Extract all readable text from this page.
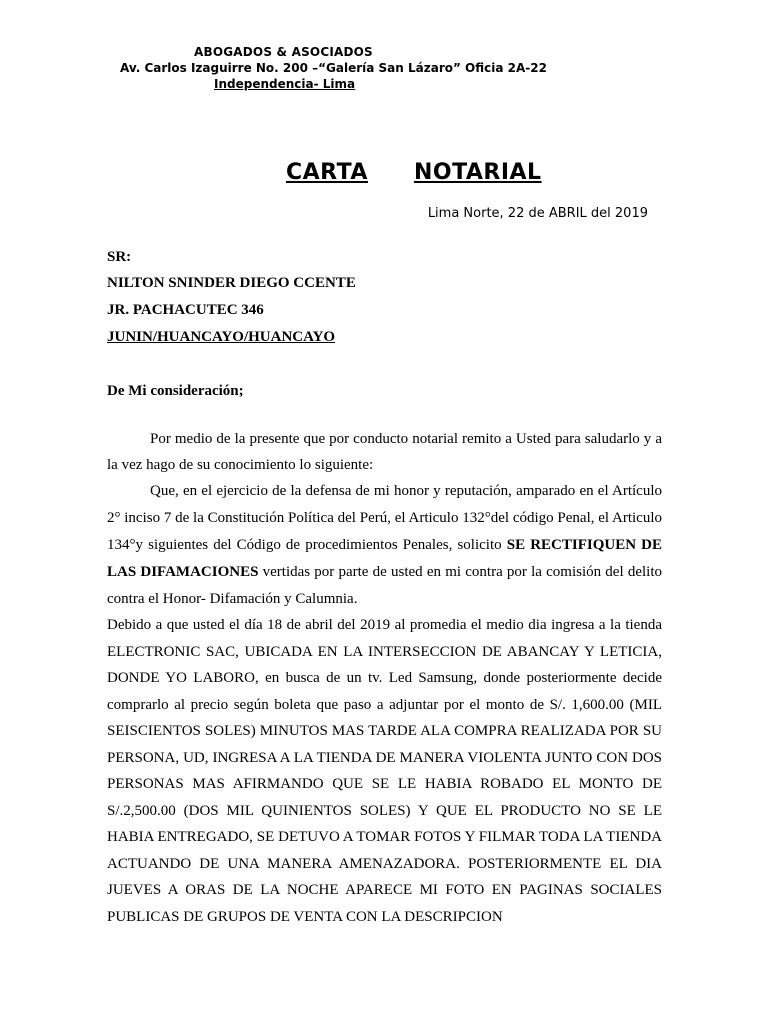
ABOGADOS & ASOCIADOS
Av. Carlos Izaguirre No. 200 –“Galería San Lázaro” Oficia 2A-22
Independencia- Lima
CARTA NOTARIAL
Lima Norte, 22 de ABRIL del 2019
SR:
NILTON SNINDER DIEGO CCENTE
JR. PACHACUTEC 346
JUNIN/HUANCAYO/HUANCAYO
De Mi consideración;
Por medio de la presente que por conducto notarial remito a Usted para saludarlo y a la vez hago de su conocimiento lo siguiente:
Que, en el ejercicio de la defensa de mi honor y reputación, amparado en el Artículo 2° inciso 7 de la Constitución Política del Perú, el Articulo 132°del código Penal, el Articulo 134°y siguientes del Código de procedimientos Penales, solicito SE RECTIFIQUEN DE LAS DIFAMACIONES vertidas por parte de usted en mi contra por la comisión del delito contra el Honor- Difamación y Calumnia.
Debido a que usted el día 18 de abril del 2019 al promedia el medio dia ingresa a la tienda ELECTRONIC SAC, UBICADA EN LA INTERSECCION DE ABANCAY Y LETICIA, DONDE YO LABORO, en busca de un tv. Led Samsung, donde posteriormente decide comprarlo al precio según boleta que paso a adjuntar por el monto de S/. 1,600.00 (MIL SEISCIENTOS SOLES) MINUTOS MAS TARDE ALA COMPRA REALIZADA POR SU PERSONA, UD, INGRESA A LA TIENDA DE MANERA VIOLENTA JUNTO CON DOS PERSONAS MAS AFIRMANDO QUE SE LE HABIA ROBADO EL MONTO DE S/.2,500.00 (DOS MIL QUINIENTOS SOLES) Y QUE EL PRODUCTO NO SE LE HABIA ENTREGADO, SE DETUVO A TOMAR FOTOS Y FILMAR TODA LA TIENDA ACTUANDO DE UNA MANERA AMENAZADORA. POSTERIORMENTE EL DIA JUEVES A ORAS DE LA NOCHE APARECE MI FOTO EN PAGINAS SOCIALES PUBLICAS DE GRUPOS DE VENTA CON LA DESCRIPCION
